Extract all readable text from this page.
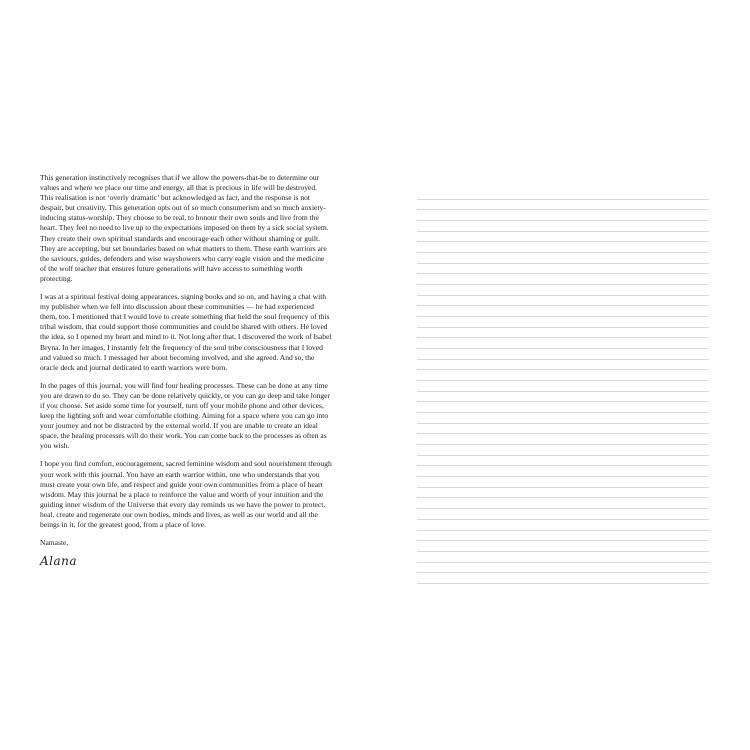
This generation instinctively recognises that if we allow the powers-that-be to determine our values and where we place our time and energy, all that is precious in life will be destroyed. This realisation is not ‘overly dramatic’ but acknowledged as fact, and the response is not despair, but creativity. This generation opts out of so much consumerism and so much anxiety-inducing status-worship. They choose to be real, to honour their own souls and live from the heart. They feel no need to live up to the expectations imposed on them by a sick social system. They create their own spiritual standards and encourage each other without shaming or guilt. They are accepting, but set boundaries based on what matters to them. These earth warriors are the saviours, guides, defenders and wise wayshowers who carry eagle vision and the medicine of the wolf teacher that ensures future generations will have access to something worth protecting.

I was at a spiritual festival doing appearances, signing books and so on, and having a chat with my publisher when we fell into discussion about these communities — he had experienced them, too. I mentioned that I would love to create something that held the soul frequency of this tribal wisdom, that could support those communities and could be shared with others. He loved the idea, so I opened my heart and mind to it. Not long after that, I discovered the work of Isabel Bryna. In her images, I instantly felt the frequency of the soul tribe consciousness that I loved and valued so much. I messaged her about becoming involved, and she agreed. And so, the oracle deck and journal dedicated to earth warriors were born.

In the pages of this journal, you will find four healing processes. These can be done at any time you are drawn to do so. They can be done relatively quickly, or you can go deep and take longer if you choose. Set aside some time for yourself, turn off your mobile phone and other devices, keep the lighting soft and wear comfortable clothing. Aiming for a space where you can go into your journey and not be distracted by the external world. If you are unable to create an ideal space, the healing processes will do their work. You can come back to the processes as often as you wish.

I hope you find comfort, encouragement, sacred feminine wisdom and soul nourishment through your work with this journal. You have an earth warrior within, one who understands that you must create your own life, and respect and guide your own communities from a place of heart wisdom. May this journal be a place to reinforce the value and worth of your intuition and the guiding inner wisdom of the Universe that every day reminds us we have the power to protect, heal, create and regenerate our own bodies, minds and lives, as well as our world and all the beings in it, for the greatest good, from a place of love.

Namaste,
Alana
